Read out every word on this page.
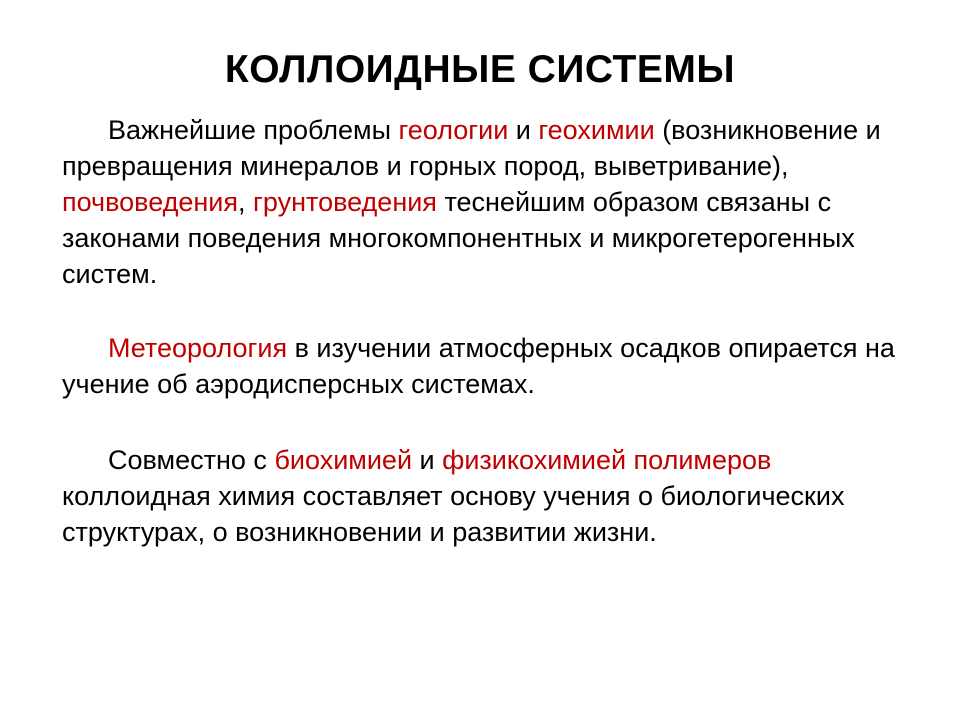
КОЛЛОИДНЫЕ СИСТЕМЫ

Важнейшие проблемы геологии и геохимии (возникновение и превращения минералов и горных пород, выветривание), почвоведения, грунтоведения теснейшим образом связаны с законами поведения многокомпонентных и микрогетерогенных систем.

Метеорология в изучении атмосферных осадков опирается на учение об аэродисперсных системах.

Совместно с биохимией и физикохимией полимеров коллоидная химия составляет основу учения о биологических структурах, о возникновении и развитии жизни.
